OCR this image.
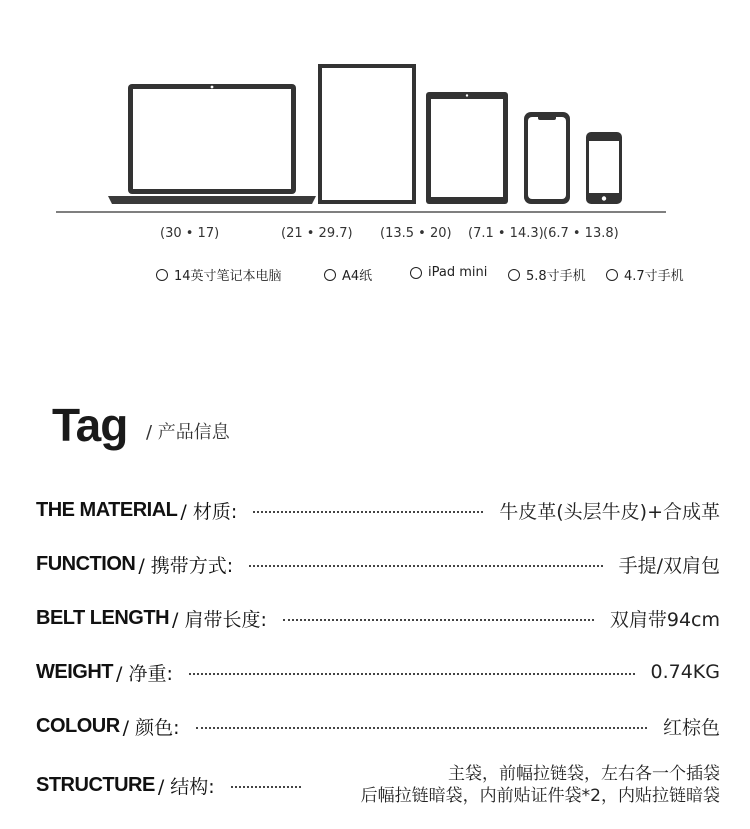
(30 • 17)	(21 • 29.7) (13.5 • 20) (7.1 • 14.3) (6.7 • 13.8)
14英寸笔记本电脑	A4纸	iPad mini	5.8寸手机	4.7寸手机
Tag / 产品信息
THE MATERIAL / 材质:	牛皮革(头层牛皮)+合成革
FUNCTION / 携带方式:	手提/双肩包
BELT LENGTH / 肩带长度:	双肩带94cm
WEIGHT / 净重:	0.74KG
COLOUR / 颜色:	红棕色
STRUCTURE / 结构:
主袋，前幅拉链袋，左右各一个插袋
后幅拉链暗袋，内前贴证件袋*2，内贴拉链暗袋
